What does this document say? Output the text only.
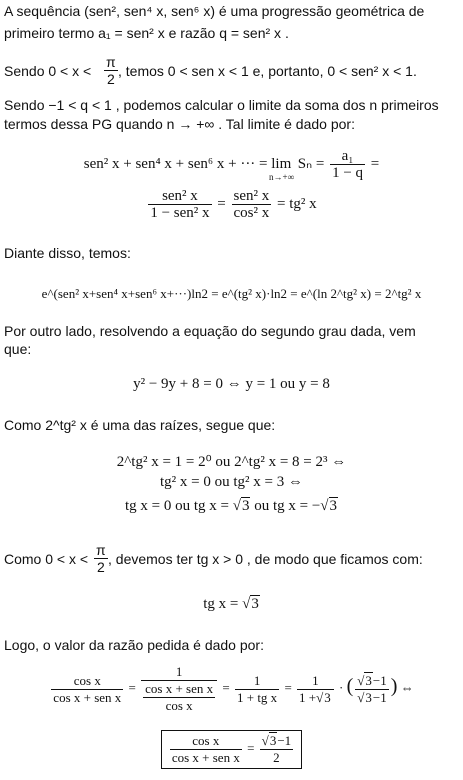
A sequência (sen², sen⁴ x, sen⁶ x) é uma progressão geométrica de
primeiro termo a₁ = sen² x e razão q = sen² x .
Sendo $0 < x < \frac{\pi}{2}$ , temos 0 < sen x < 1 e, portanto, 0 < sen² x < 1.
Sendo −1 < q < 1 , podemos calcular o limite da soma dos n primeiros
termos dessa PG quando n → +∞ . Tal limite é dado por:
sen² x + sen⁴ x + sen⁶ x + ··· = lim $_{n\to+\infty}$ $S_n = \frac{\text{a₁}}{1 - q}$ =
$\frac{\text{sen² x}}{\text{1 − sen² x}} = \frac{\text{sen² x}}{\text{cos² x}} = tg^2$ x
Diante disso, temos:
e^(sen² x+sen⁴ x+sen⁶ x+···)ln2 = e^(tg² x)·ln2 = e^(ln 2^tg² x) = 2^tg² x
Por outro lado, resolvendo a equação do segundo grau dada, vem
que:
y² − 9y + 8 = 0 ⇔ y = 1 ou y = 8
Como 2^tg² x é uma das raízes, segue que:
2^tg² x = 1 = 2⁰ ou 2^tg² x = 8 = 2³ ⇔
tg² x = 0 ou tg² x = 3 ⇔
tg x = 0 ou tg x = √3 ou tg x = −√3
Como $0 < x < \frac{\pi}{2}$ , devemos ter tg x > 0 , de modo que ficamos com:
tg x = √3
Logo, o valor da razão pedida é dado por:
$\frac{\text{cos x}}{\text{cos x + sen x}} = \frac{1}{\frac{\text{cos x + sen x}}{\text{cos x}}} = \frac{1}{\text{1 + tg x}} = \frac{1}{1 +√3}$ · ( $\frac{√3-1}{√3-1}$ ) ⇔
$\frac{\text{cos x}}{\text{cos x + sen x}} = \frac{√3-1}{2}$
